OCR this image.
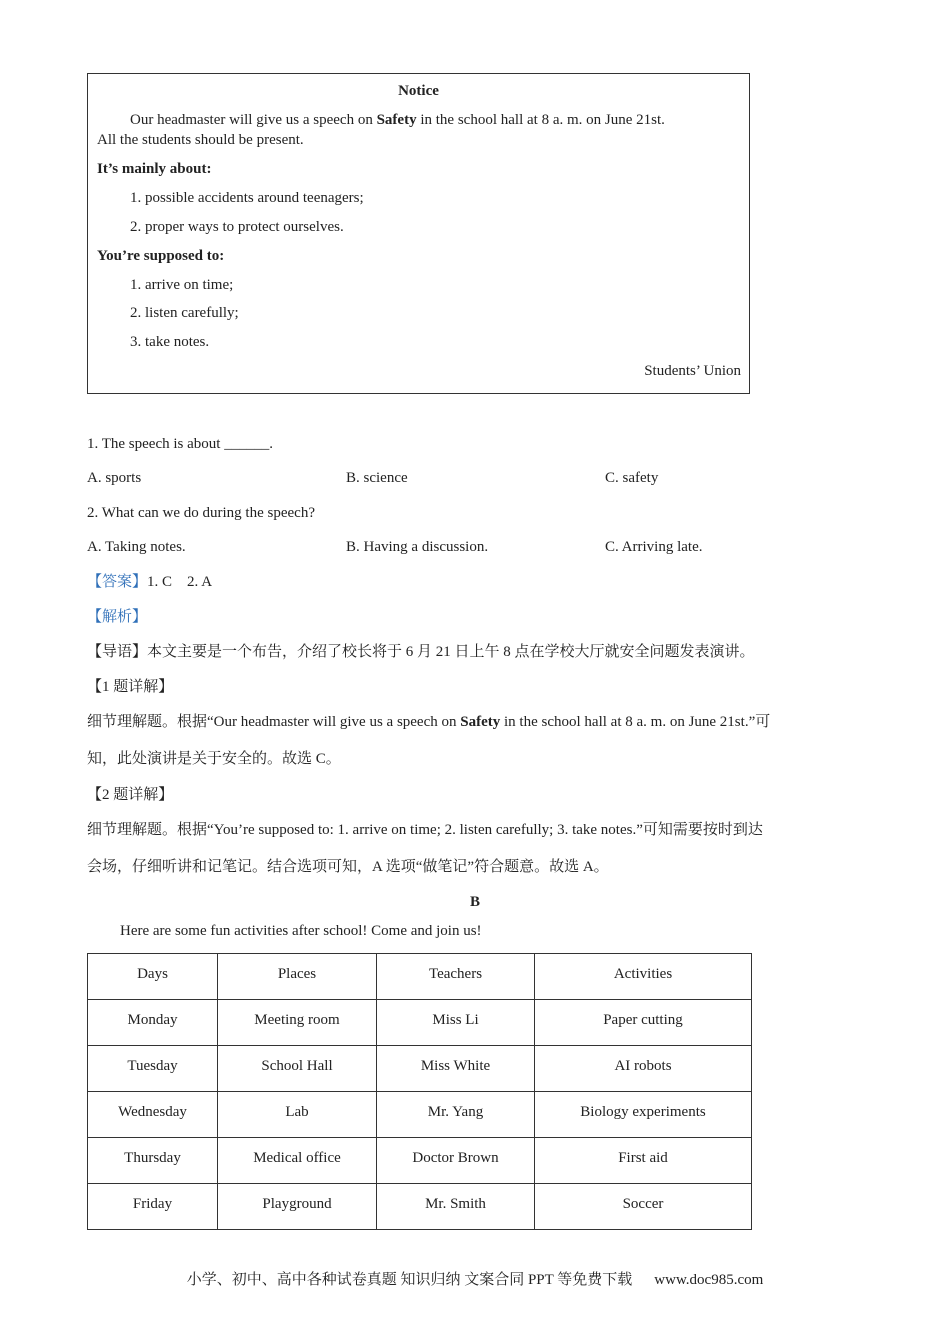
Notice
Our headmaster will give us a speech on Safety in the school hall at 8 a. m. on June 21st.
All the students should be present.
It’s mainly about:
1. possible accidents around teenagers;
2. proper ways to protect ourselves.
You’re supposed to:
1. arrive on time;
2. listen carefully;
3. take notes.
Students’ Union
1. The speech is about ______.
A. sports	B. science	C. safety
2. What can we do during the speech?
A. Taking notes.	B. Having a discussion.	C. Arriving late.
【答案】1. C    2. A
【解析】
【导语】本文主要是一个布告，介绍了校长将于 6 月 21 日上午 8 点在学校大厅就安全问题发表演讲。
【1 题详解】
细节理解题。根据“Our headmaster will give us a speech on Safety in the school hall at 8 a. m. on June 21st.”可
知，此处演讲是关于安全的。故选 C。
【2 题详解】
细节理解题。根据“You’re supposed to: 1. arrive on time; 2. listen carefully; 3. take notes.”可知需要按时到达
会场，仔细听讲和记笔记。结合选项可知，A 选项“做笔记”符合题意。故选 A。
B
Here are some fun activities after school! Come and join us!
Days	Places	Teachers	Activities
Monday	Meeting room	Miss Li	Paper cutting
Tuesday	School Hall	Miss White	AI robots
Wednesday	Lab	Mr. Yang	Biology experiments
Thursday	Medical office	Doctor Brown	First aid
Friday	Playground	Mr. Smith	Soccer
小学、初中、高中各种试卷真题 知识归纳 文案合同 PPT 等免费下载 www.doc985.com
